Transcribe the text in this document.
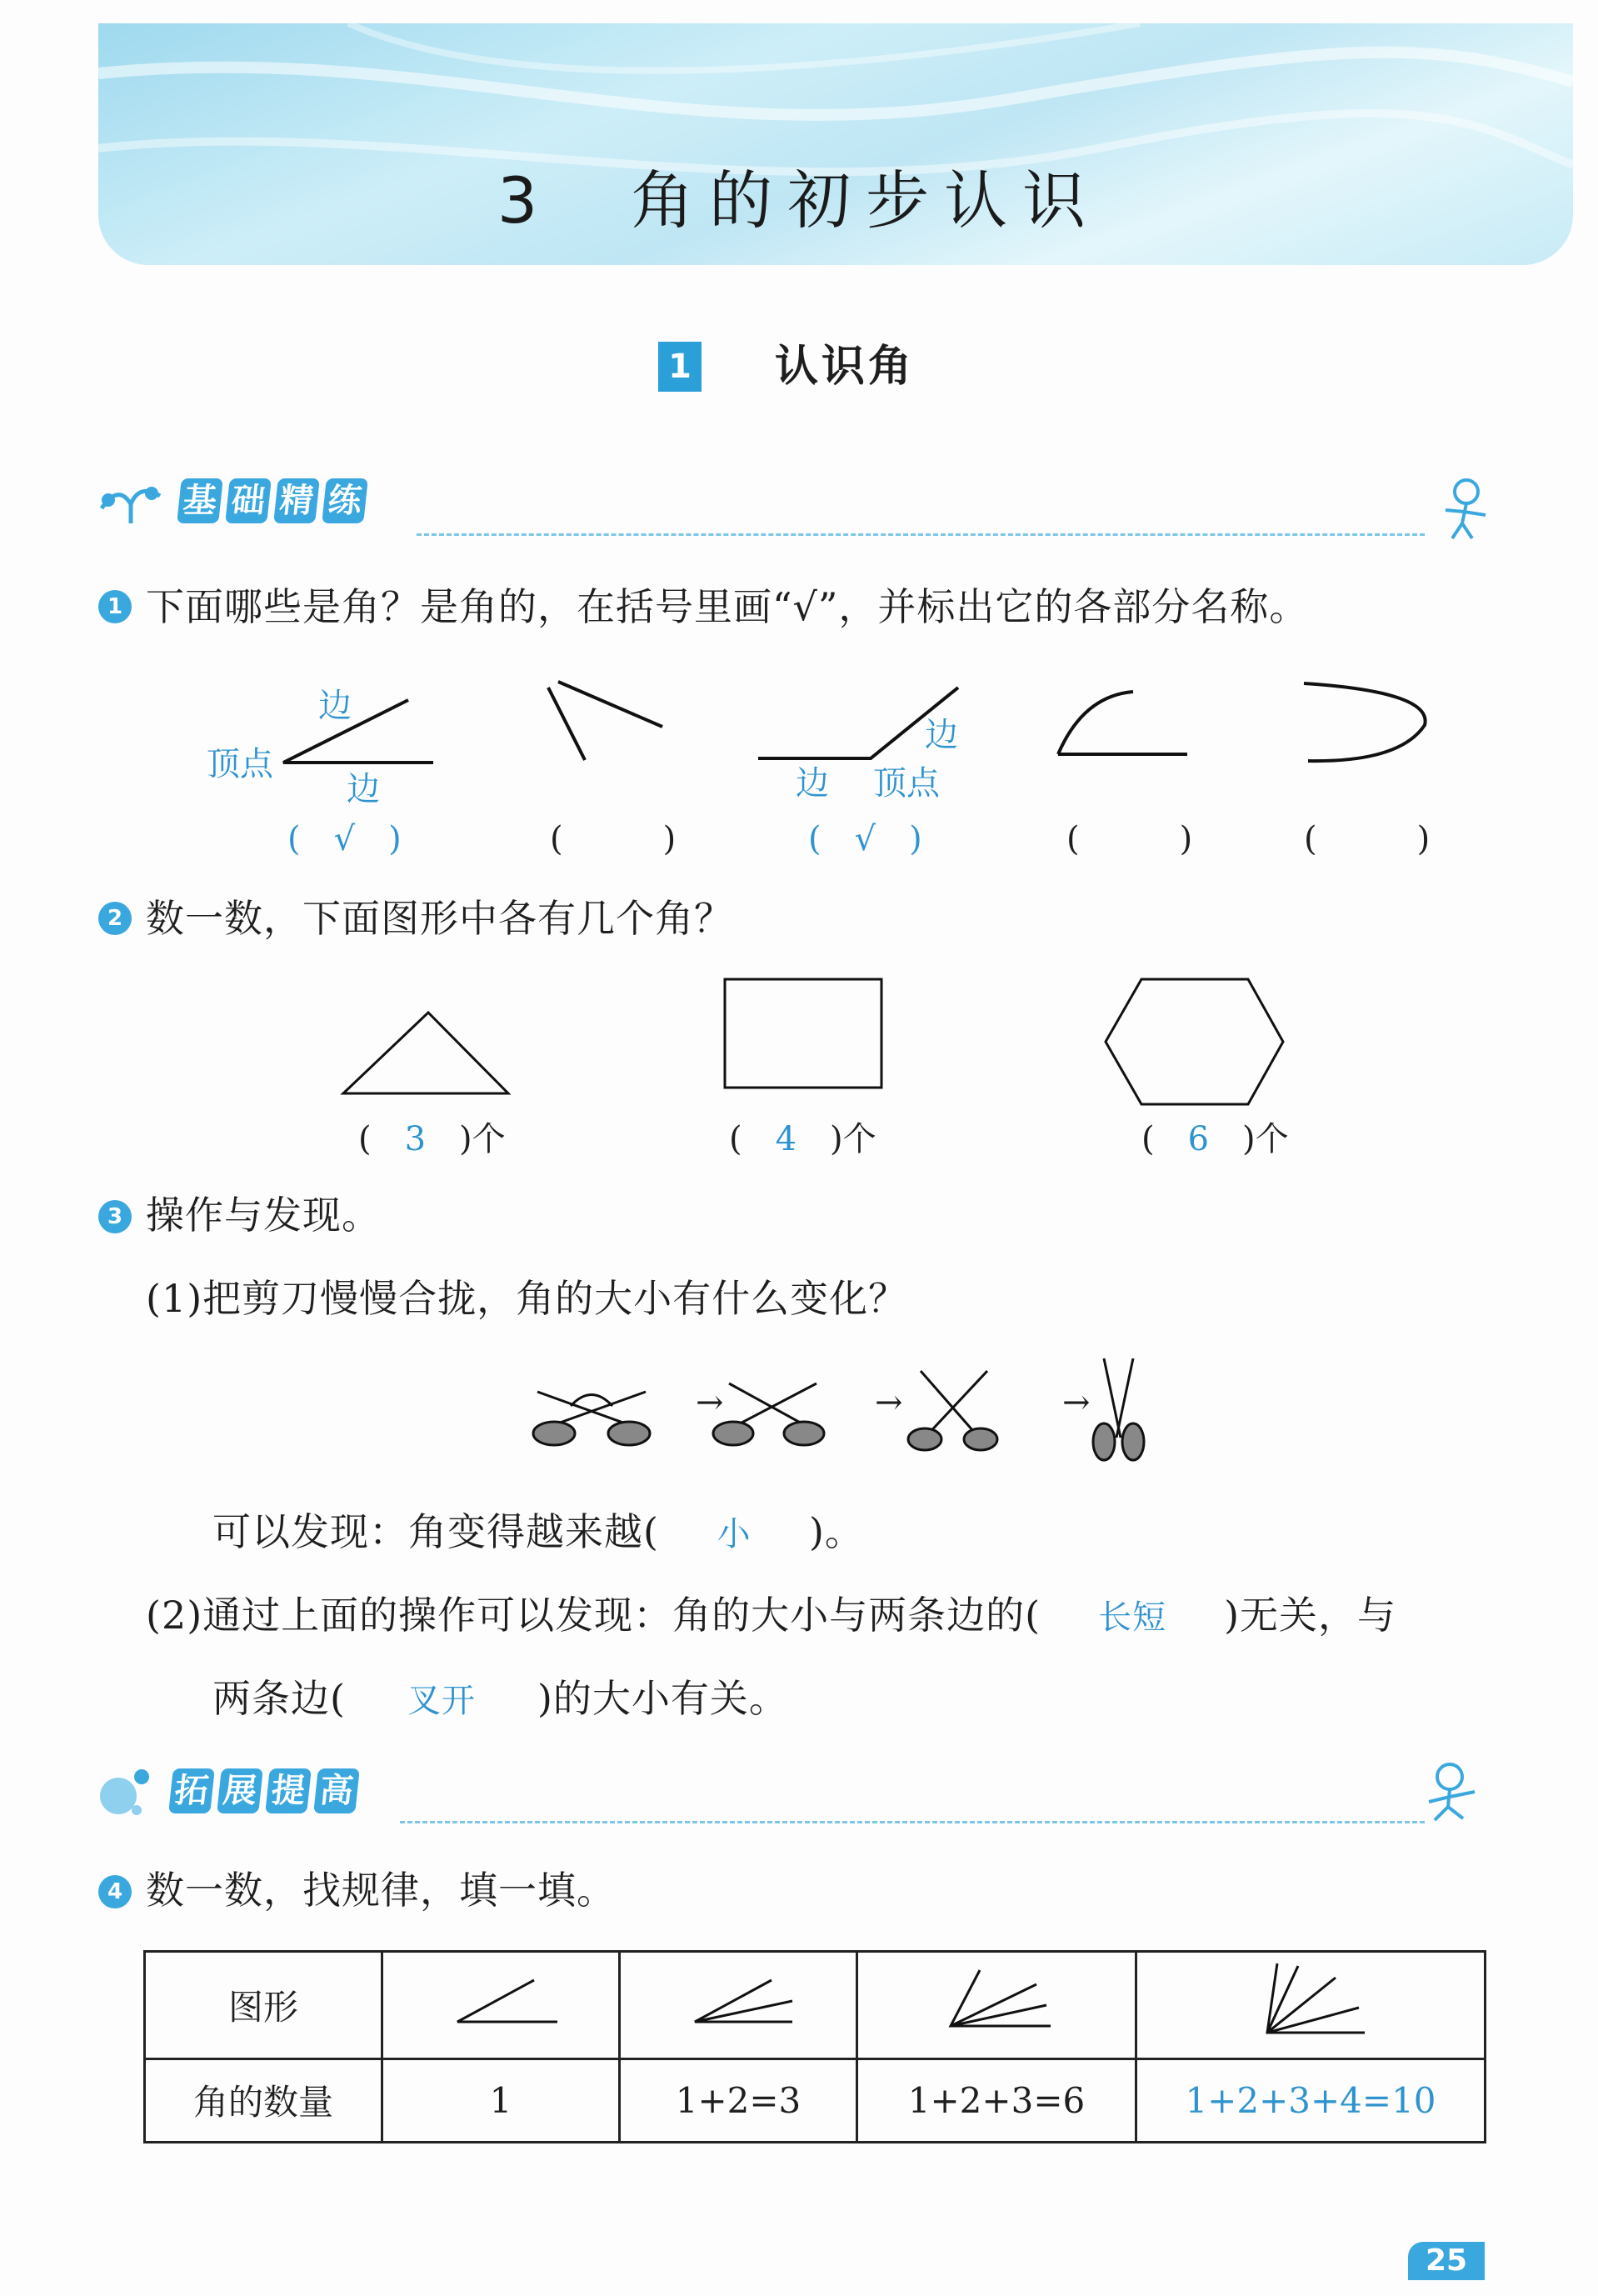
3　角的初步认识
1 认识角
基 础 精 练
1 下面哪些是角？是角的，在括号里画“√”，并标出它的各部分名称。
边
顶点
边
边
边 顶点
(　√　)	(　　　)	(　√　)	(　　　)	(　　　)
2 数一数，下面图形中各有几个角？
(　3　)个	(　4　)个	(　6　)个
3 操作与发现。
(1)把剪刀慢慢合拢，角的大小有什么变化？
→	→	→
可以发现：角变得越来越( 小 )。
(2)通过上面的操作可以发现：角的大小与两条边的( 长短 )无关，与
两条边( 叉开 )的大小有关。
拓 展 提 高
4 数一数，找规律，填一填。
图形				
角的数量	1	1+2=3	1+2+3=6	1+2+3+4=10
25
